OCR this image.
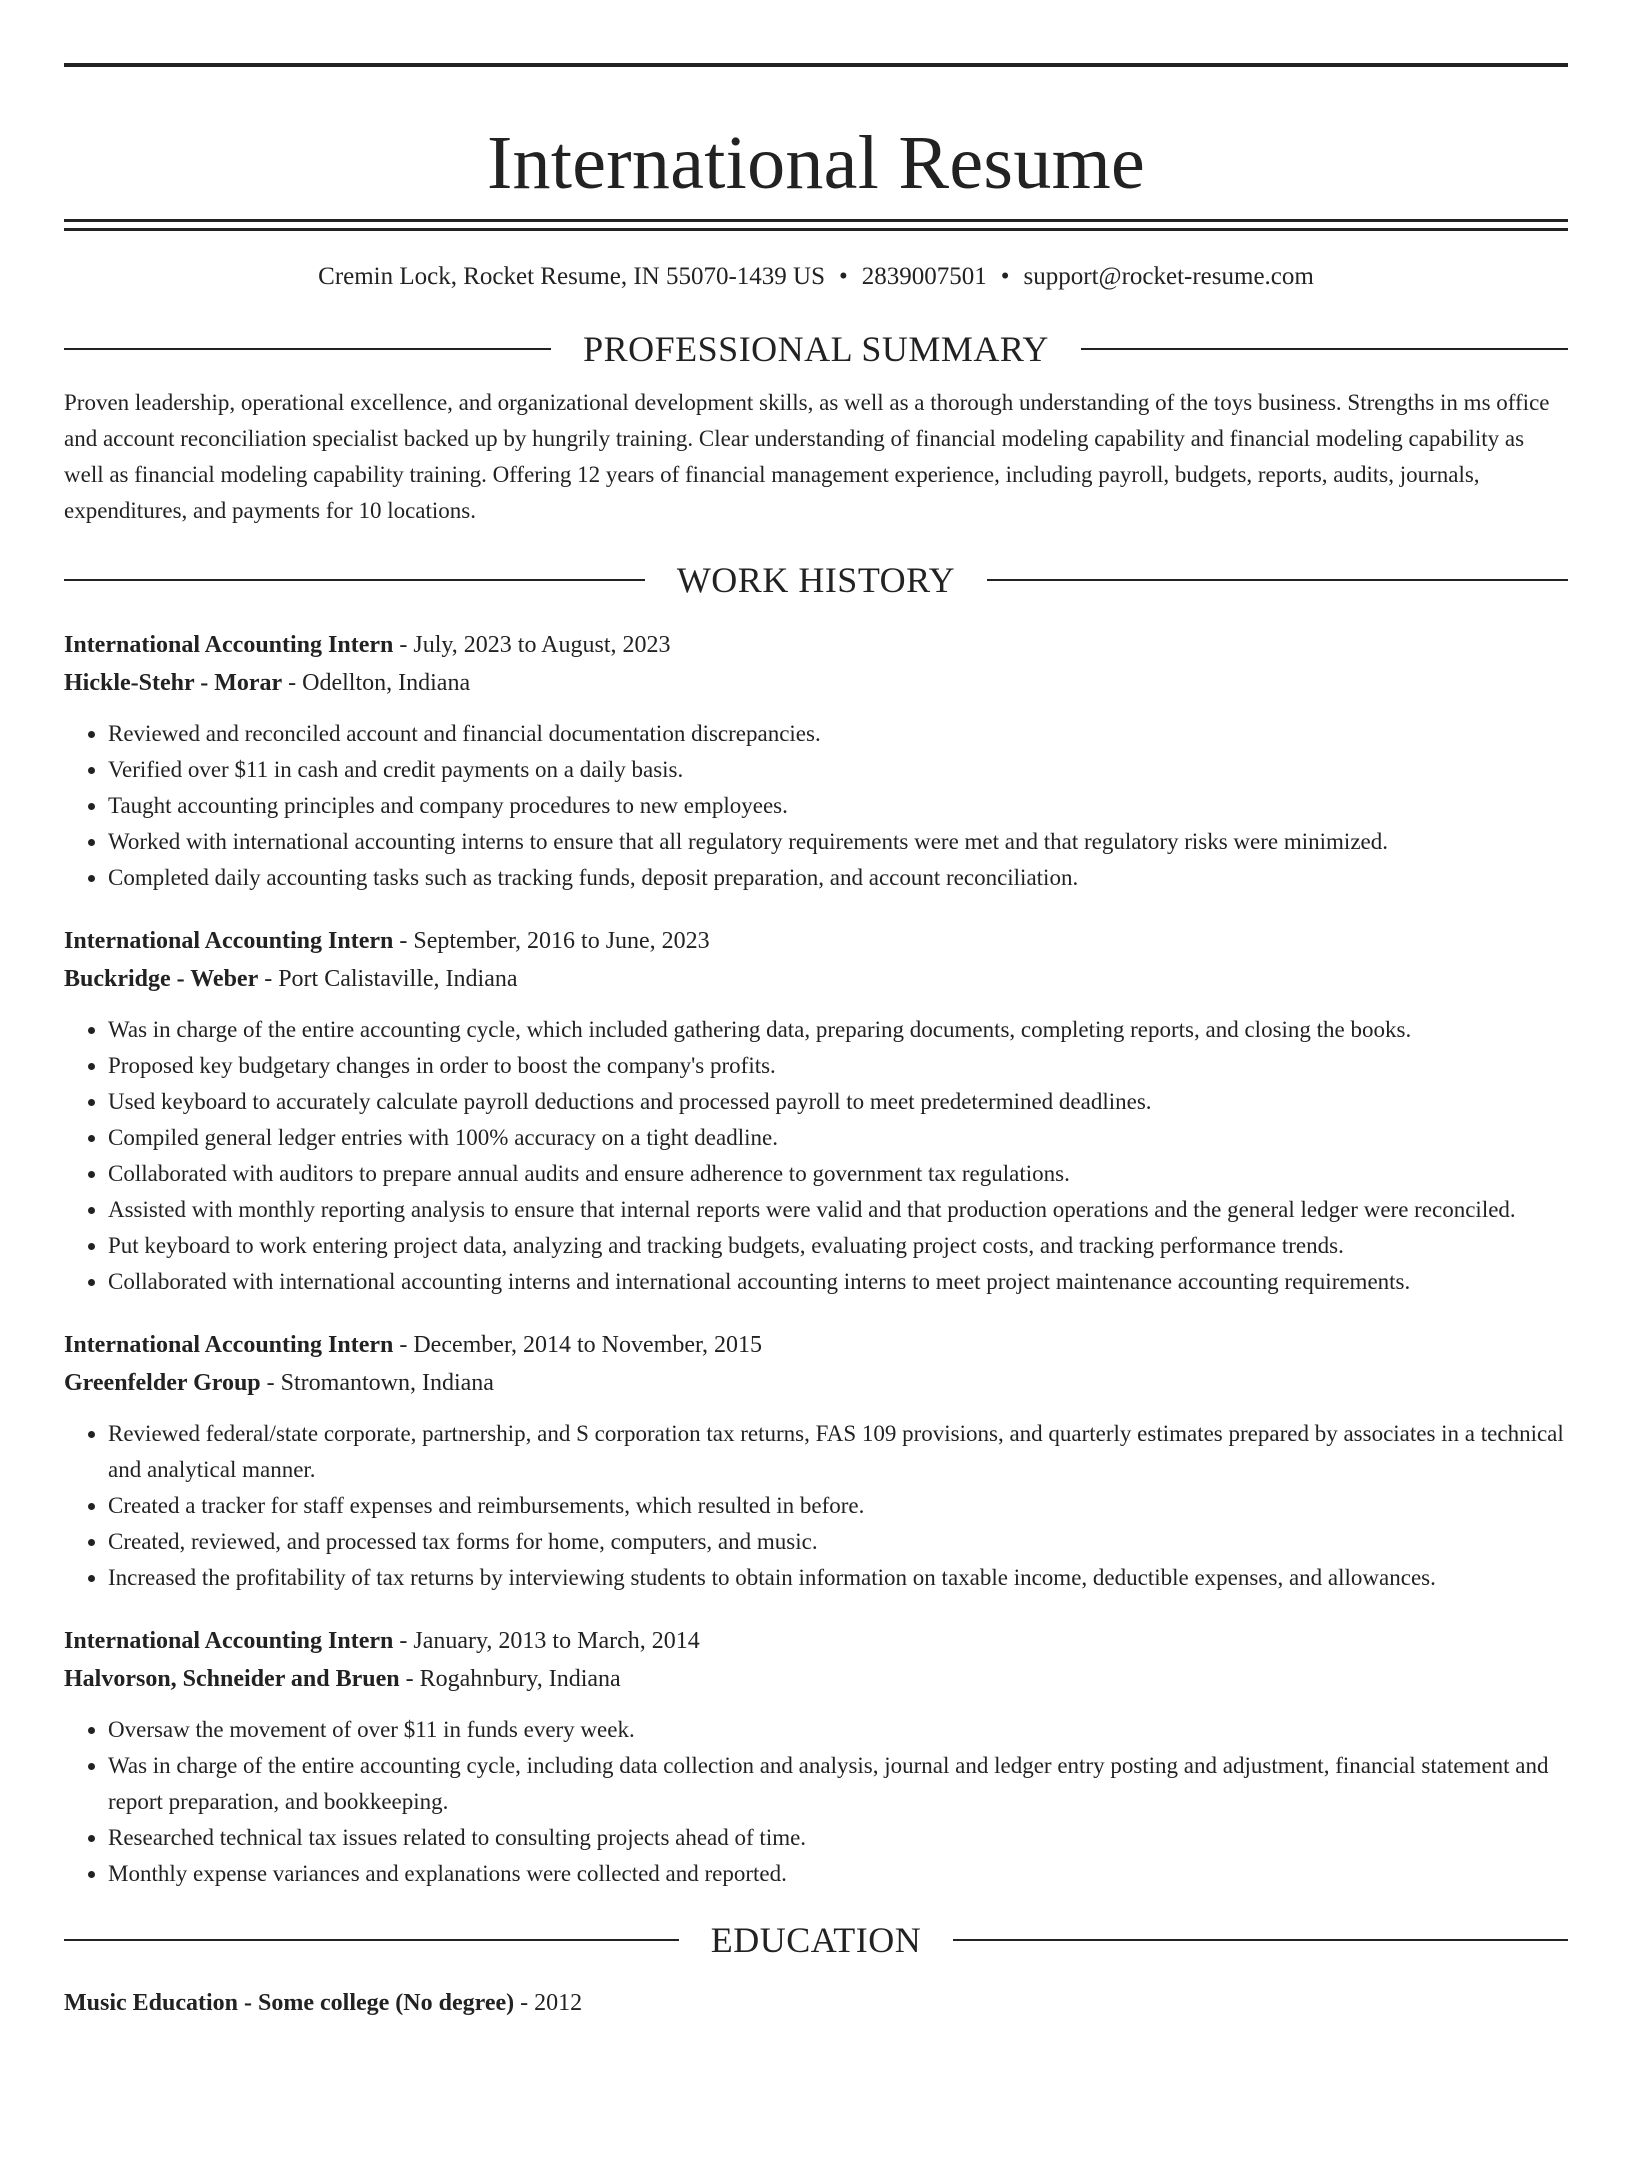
International Resume
Cremin Lock, Rocket Resume, IN 55070-1439 US • 2839007501 • support@rocket-resume.com
PROFESSIONAL SUMMARY
Proven leadership, operational excellence, and organizational development skills, as well as a thorough understanding of the toys business. Strengths in ms office and account reconciliation specialist backed up by hungrily training. Clear understanding of financial modeling capability and financial modeling capability as well as financial modeling capability training. Offering 12 years of financial management experience, including payroll, budgets, reports, audits, journals, expenditures, and payments for 10 locations.
WORK HISTORY
International Accounting Intern - July, 2023 to August, 2023
Hickle-Stehr - Morar - Odellton, Indiana
• Reviewed and reconciled account and financial documentation discrepancies.
• Verified over $11 in cash and credit payments on a daily basis.
• Taught accounting principles and company procedures to new employees.
• Worked with international accounting interns to ensure that all regulatory requirements were met and that regulatory risks were minimized.
• Completed daily accounting tasks such as tracking funds, deposit preparation, and account reconciliation.
International Accounting Intern - September, 2016 to June, 2023
Buckridge - Weber - Port Calistaville, Indiana
• Was in charge of the entire accounting cycle, which included gathering data, preparing documents, completing reports, and closing the books.
• Proposed key budgetary changes in order to boost the company's profits.
• Used keyboard to accurately calculate payroll deductions and processed payroll to meet predetermined deadlines.
• Compiled general ledger entries with 100% accuracy on a tight deadline.
• Collaborated with auditors to prepare annual audits and ensure adherence to government tax regulations.
• Assisted with monthly reporting analysis to ensure that internal reports were valid and that production operations and the general ledger were reconciled.
• Put keyboard to work entering project data, analyzing and tracking budgets, evaluating project costs, and tracking performance trends.
• Collaborated with international accounting interns and international accounting interns to meet project maintenance accounting requirements.
International Accounting Intern - December, 2014 to November, 2015
Greenfelder Group - Stromantown, Indiana
• Reviewed federal/state corporate, partnership, and S corporation tax returns, FAS 109 provisions, and quarterly estimates prepared by associates in a technical and analytical manner.
• Created a tracker for staff expenses and reimbursements, which resulted in before.
• Created, reviewed, and processed tax forms for home, computers, and music.
• Increased the profitability of tax returns by interviewing students to obtain information on taxable income, deductible expenses, and allowances.
International Accounting Intern - January, 2013 to March, 2014
Halvorson, Schneider and Bruen - Rogahnbury, Indiana
• Oversaw the movement of over $11 in funds every week.
• Was in charge of the entire accounting cycle, including data collection and analysis, journal and ledger entry posting and adjustment, financial statement and report preparation, and bookkeeping.
• Researched technical tax issues related to consulting projects ahead of time.
• Monthly expense variances and explanations were collected and reported.
EDUCATION
Music Education - Some college (No degree) - 2012
